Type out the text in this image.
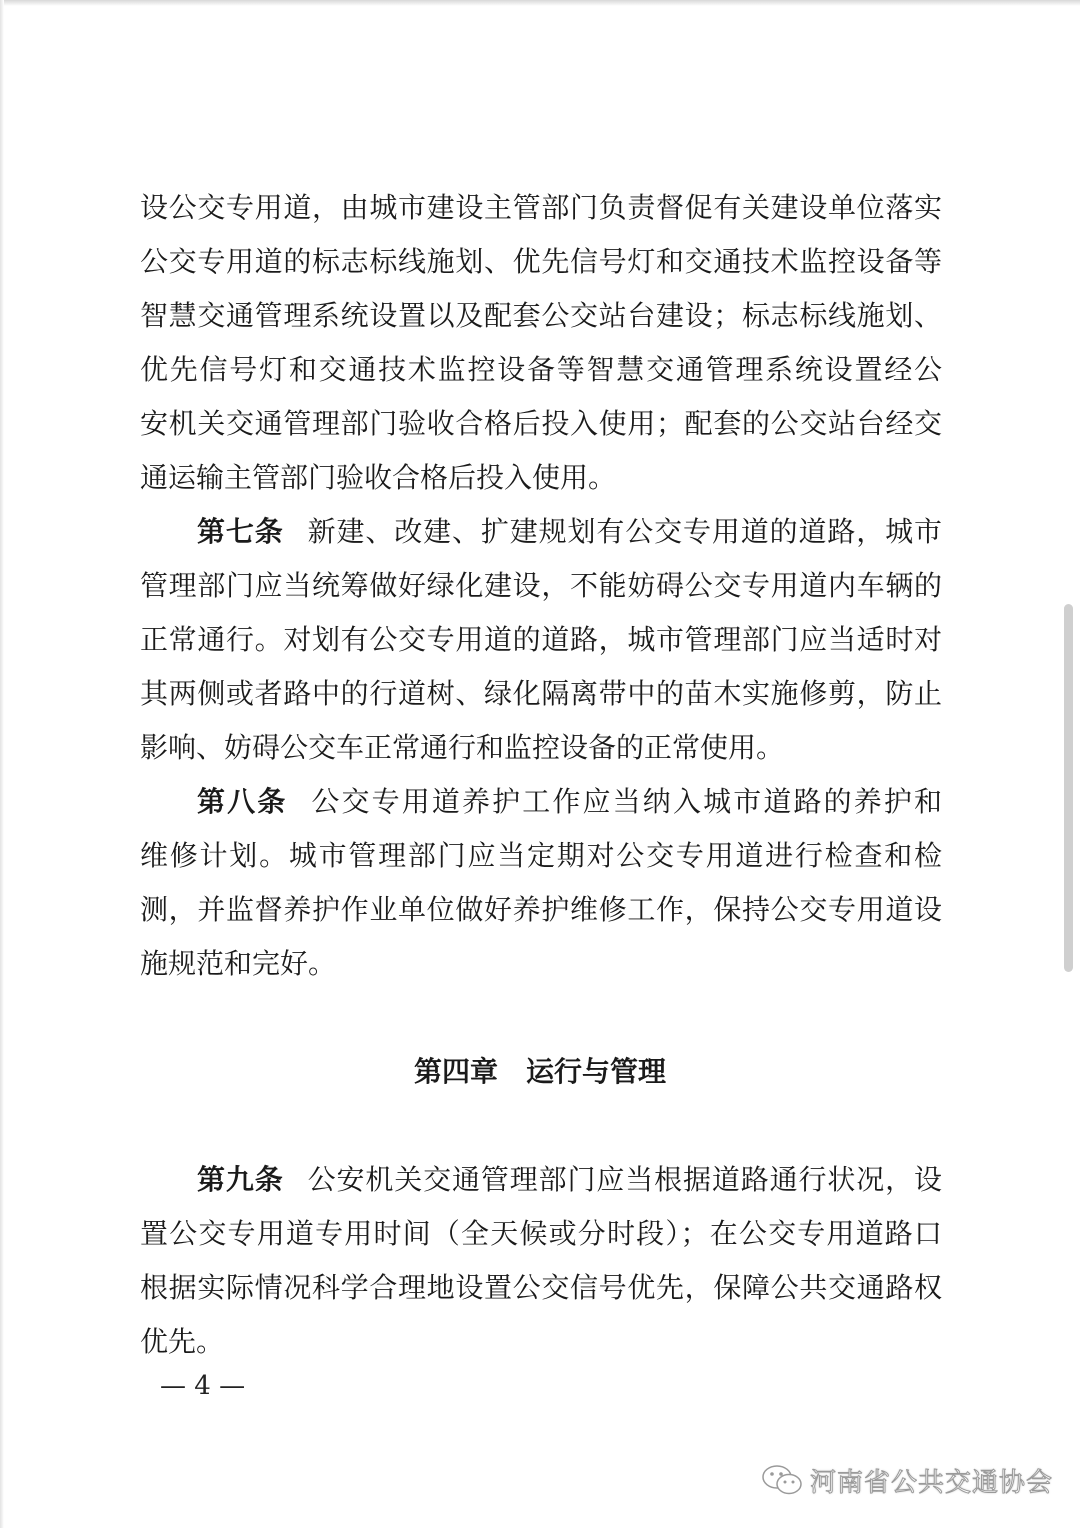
设公交专用道，由城市建设主管部门负责督促有关建设单位落实
公交专用道的标志标线施划、优先信号灯和交通技术监控设备等
智慧交通管理系统设置以及配套公交站台建设；标志标线施划、
优先信号灯和交通技术监控设备等智慧交通管理系统设置经公
安机关交通管理部门验收合格后投入使用；配套的公交站台经交
通运输主管部门验收合格后投入使用。
第七条 新建、改建、扩建规划有公交专用道的道路，城市
管理部门应当统筹做好绿化建设，不能妨碍公交专用道内车辆的
正常通行。对划有公交专用道的道路，城市管理部门应当适时对
其两侧或者路中的行道树、绿化隔离带中的苗木实施修剪，防止
影响、妨碍公交车正常通行和监控设备的正常使用。
第八条 公交专用道养护工作应当纳入城市道路的养护和
维修计划。城市管理部门应当定期对公交专用道进行检查和检
测，并监督养护作业单位做好养护维修工作，保持公交专用道设
施规范和完好。
第四章 运行与管理
第九条 公安机关交通管理部门应当根据道路通行状况，设
置公交专用道专用时间（全天候或分时段）；在公交专用道路口
根据实际情况科学合理地设置公交信号优先，保障公共交通路权
优先。
— 4 —
河南省公共交通协会
